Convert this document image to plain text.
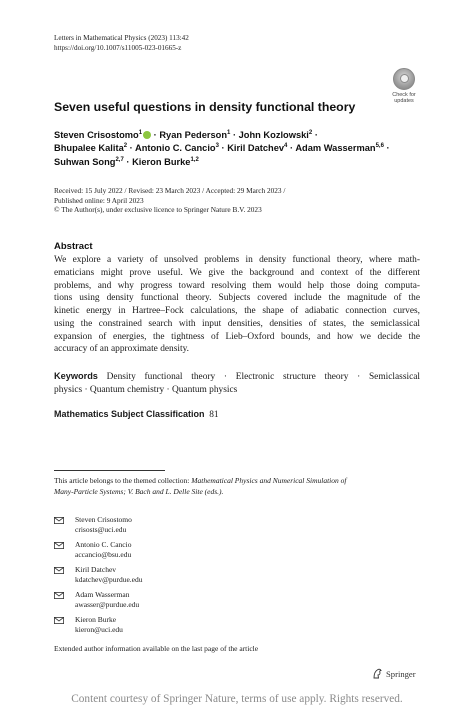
Letters in Mathematical Physics (2023) 113:42
https://doi.org/10.1007/s11005-023-01665-z
Check for
updates
Seven useful questions in density functional theory
Steven Crisostomo$^1$ · Ryan Pederson$^1$ · John Kozlowski$^2$ ·
Bhupalee Kalita$^2$ · Antonio C. Cancio$^3$ · Kiril Datchev$^4$ · Adam Wasserman$^{5,6}$ ·
Suhwan Song$^{2,7}$ · Kieron Burke$^{1,2}$
Received: 15 July 2022 / Revised: 23 March 2023 / Accepted: 29 March 2023 /
Published online: 9 April 2023
© The Author(s), under exclusive licence to Springer Nature B.V. 2023
Abstract
We explore a variety of unsolved problems in density functional theory, where math-
ematicians might prove useful. We give the background and context of the different
problems, and why progress toward resolving them would help those doing computa-
tions using density functional theory. Subjects covered include the magnitude of the
kinetic energy in Hartree–Fock calculations, the shape of adiabatic connection curves,
using the constrained search with input densities, densities of states, the semiclassical
expansion of energies, the tightness of Lieb–Oxford bounds, and how we decide the
accuracy of an approximate density.
Keywords Density functional theory · Electronic structure theory · Semiclassical
physics · Quantum chemistry · Quantum physics
Mathematics Subject Classification 81
This article belongs to the themed collection: Mathematical Physics and Numerical Simulation of
Many-Particle Systems; V. Bach and L. Delle Site (eds.).
Steven Crisostomo
crisosts@uci.edu
Antonio C. Cancio
accancio@bsu.edu
Kiril Datchev
kdatchev@purdue.edu
Adam Wasserman
awasser@purdue.edu
Kieron Burke
kieron@uci.edu
Extended author information available on the last page of the article
Springer
Content courtesy of Springer Nature, terms of use apply. Rights reserved.
